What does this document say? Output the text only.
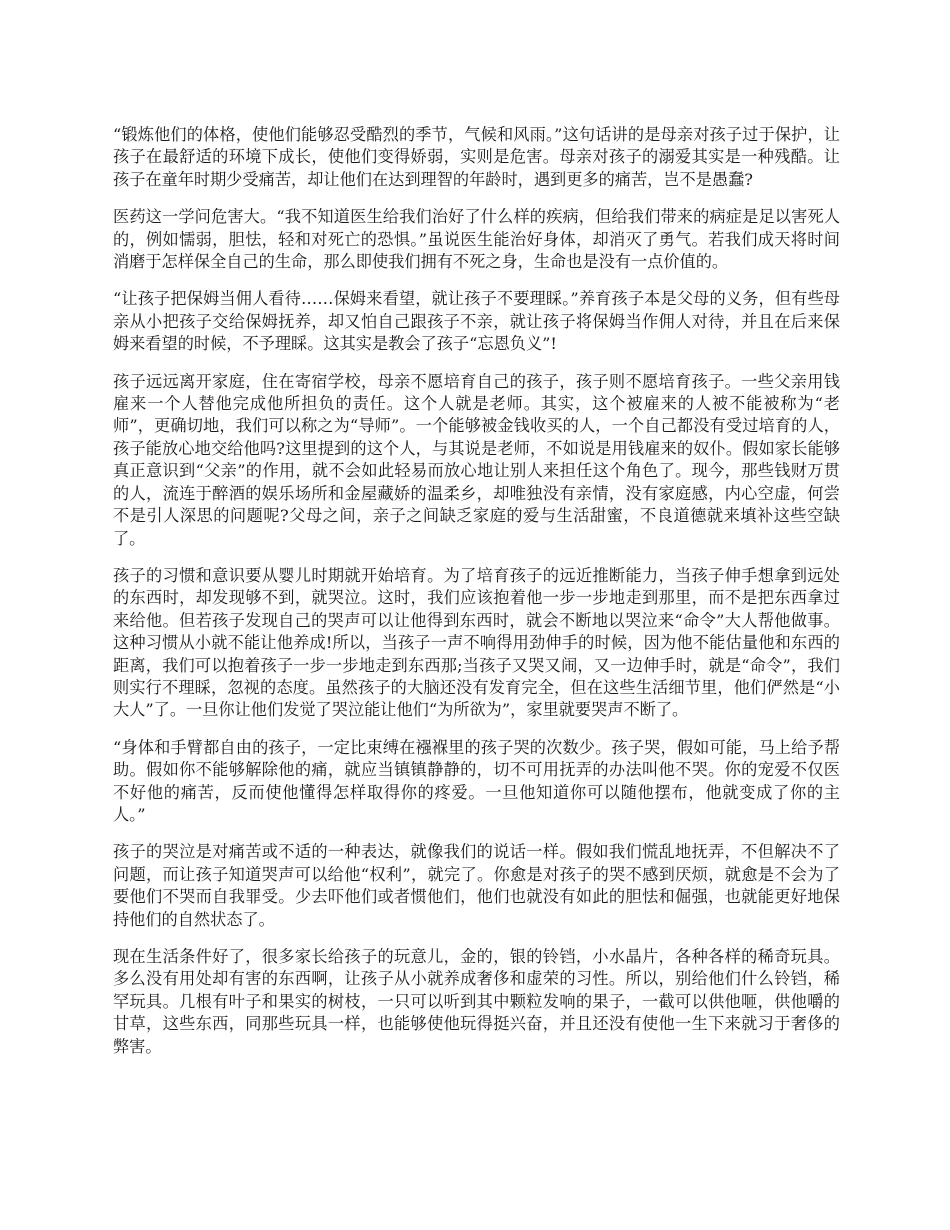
“锻炼他们的体格，使他们能够忍受酷烈的季节，气候和风雨。”这句话讲的是母亲对孩子过于保护，让孩子在最舒适的环境下成长，使他们变得娇弱，实则是危害。母亲对孩子的溺爱其实是一种残酷。让孩子在童年时期少受痛苦，却让他们在达到理智的年龄时，遇到更多的痛苦，岂不是愚蠢?

医药这一学问危害大。“我不知道医生给我们治好了什么样的疾病，但给我们带来的病症是足以害死人的，例如懦弱，胆怯，轻和对死亡的恐惧。”虽说医生能治好身体，却消灭了勇气。若我们成天将时间消磨于怎样保全自己的生命，那么即使我们拥有不死之身，生命也是没有一点价值的。

“让孩子把保姆当佣人看待……保姆来看望，就让孩子不要理睬。”养育孩子本是父母的义务，但有些母亲从小把孩子交给保姆抚养，却又怕自己跟孩子不亲，就让孩子将保姆当作佣人对待，并且在后来保姆来看望的时候，不予理睬。这其实是教会了孩子“忘恩负义”!

孩子远远离开家庭，住在寄宿学校，母亲不愿培育自己的孩子，孩子则不愿培育孩子。一些父亲用钱雇来一个人替他完成他所担负的责任。这个人就是老师。其实，这个被雇来的人被不能被称为“老师”，更确切地，我们可以称之为“导师”。一个能够被金钱收买的人，一个自己都没有受过培育的人，孩子能放心地交给他吗?这里提到的这个人，与其说是老师，不如说是用钱雇来的奴仆。假如家长能够真正意识到“父亲”的作用，就不会如此轻易而放心地让别人来担任这个角色了。现今，那些钱财万贯的人，流连于醉酒的娱乐场所和金屋藏娇的温柔乡，却唯独没有亲情，没有家庭感，内心空虚，何尝不是引人深思的问题呢?父母之间，亲子之间缺乏家庭的爱与生活甜蜜，不良道德就来填补这些空缺了。

孩子的习惯和意识要从婴儿时期就开始培育。为了培育孩子的远近推断能力，当孩子伸手想拿到远处的东西时，却发现够不到，就哭泣。这时，我们应该抱着他一步一步地走到那里，而不是把东西拿过来给他。但若孩子发现自己的哭声可以让他得到东西时，就会不断地以哭泣来“命令”大人帮他做事。这种习惯从小就不能让他养成!所以，当孩子一声不响得用劲伸手的时候，因为他不能估量他和东西的距离，我们可以抱着孩子一步一步地走到东西那;当孩子又哭又闹，又一边伸手时，就是“命令”，我们则实行不理睬，忽视的态度。虽然孩子的大脑还没有发育完全，但在这些生活细节里，他们俨然是“小大人”了。一旦你让他们发觉了哭泣能让他们“为所欲为”，家里就要哭声不断了。

“身体和手臂都自由的孩子，一定比束缚在襁褓里的孩子哭的次数少。孩子哭，假如可能，马上给予帮助。假如你不能够解除他的痛，就应当镇镇静静的，切不可用抚弄的办法叫他不哭。你的宠爱不仅医不好他的痛苦，反而使他懂得怎样取得你的疼爱。一旦他知道你可以随他摆布，他就变成了你的主人。”

孩子的哭泣是对痛苦或不适的一种表达，就像我们的说话一样。假如我们慌乱地抚弄，不但解决不了问题，而让孩子知道哭声可以给他“权利”，就完了。你愈是对孩子的哭不感到厌烦，就愈是不会为了要他们不哭而自我罪受。少去吓他们或者惯他们，他们也就没有如此的胆怯和倔强，也就能更好地保持他们的自然状态了。

现在生活条件好了，很多家长给孩子的玩意儿，金的，银的铃铛，小水晶片，各种各样的稀奇玩具。多么没有用处却有害的东西啊，让孩子从小就养成奢侈和虚荣的习性。所以，别给他们什么铃铛，稀罕玩具。几根有叶子和果实的树枝，一只可以听到其中颗粒发响的果子，一截可以供他咂，供他嚼的甘草，这些东西，同那些玩具一样，也能够使他玩得挺兴奋，并且还没有使他一生下来就习于奢侈的弊害。
